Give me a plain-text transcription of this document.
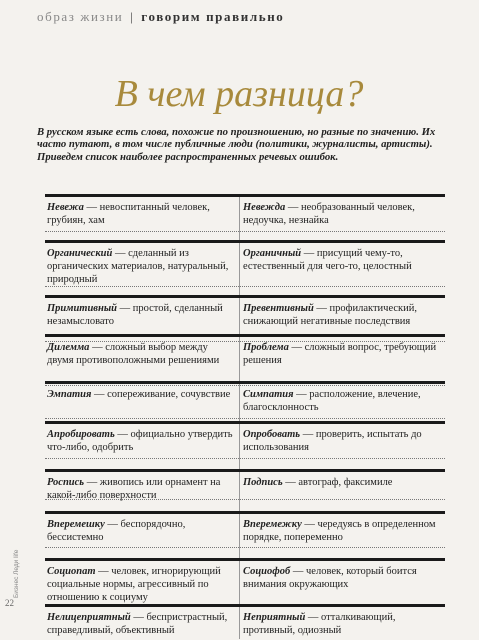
образ жизни | говорим правильно
В чем разница?
В русском языке есть слова, похожие по произношению, но разные по значению. Их часто путают, в том числе публичные люди (политики, журналисты, артисты). Приведем список наиболее распространенных речевых ошибок.
Невежа — невоспитанный человек, грубиян, хам
Невежда — необразованный человек, недоучка, незнайка
Органический — сделанный из органических материалов, натуральный, природный
Органичный — присущий чему-то, естественный для чего-то, целостный
Примитивный — простой, сделанный незамысловато
Превентивный — профилактический, снижающий негативные последствия
Дилемма — сложный выбор между двумя противоположными решениями
Проблема — сложный вопрос, требующий решения
Эмпатия — сопереживание, сочувствие	Симпатия — расположение, влечение, благосклонность
Апробировать — официально утвердить что-либо, одобрить
Опробовать — проверить, испытать до использования
Роспись — живопись или орнамент на какой-либо поверхности
Подпись — автограф, факсимиле
Вперемешку — беспорядочно, бессистемно
Вперемежку — чередуясь в определенном порядке, попеременно
Социопат — человек, игнорирующий социальные нормы, агрессивный по отношению к социуму
Социофоб — человек, который боится внимания окружающих
Нелицеприятный — беспристрастный, справедливый, объективный
Неприятный — отталкивающий, противный, одиозный
Бизнес Леди life
22
